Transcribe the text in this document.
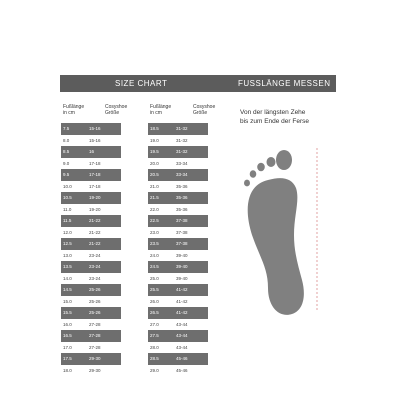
SIZE CHART	FUSSLÄNGE MESSEN
Fußlänge
in cm
Cosyshoe
Größe
Fußlänge
in cm
Cosyshoe
Größe
7.5	15-16
8.0	15-16
8.5	16
9.0	17-18
9.5	17-18
10.0	17-18
10.5	19-20
11.0	19-20
11.5	21-22
12.0	21-22
12.5	21-22
13.0	23-24
13.5	23-24
14.0	23-24
14.5	25-26
15.0	25-26
15.5	25-26
16.0	27-28
16.5	27-28
17.0	27-28
17.5	29-30
18.0	29-30
18.5	31-32
19.0	31-32
19.5	31-32
20.0	33-34
20.5	33-34
21.0	35-36
21.5	35-36
22.0	35-36
22.5	37-38
23.0	37-38
23.5	37-38
24.0	39-40
24.5	39-40
25.0	39-40
25.5	41-42
26.0	41-42
26.5	41-42
27.0	43-44
27.5	43-44
28.0	43-44
28.5	45-46
29.0	45-46
Von der längsten Zehe
bis zum Ende der Ferse
